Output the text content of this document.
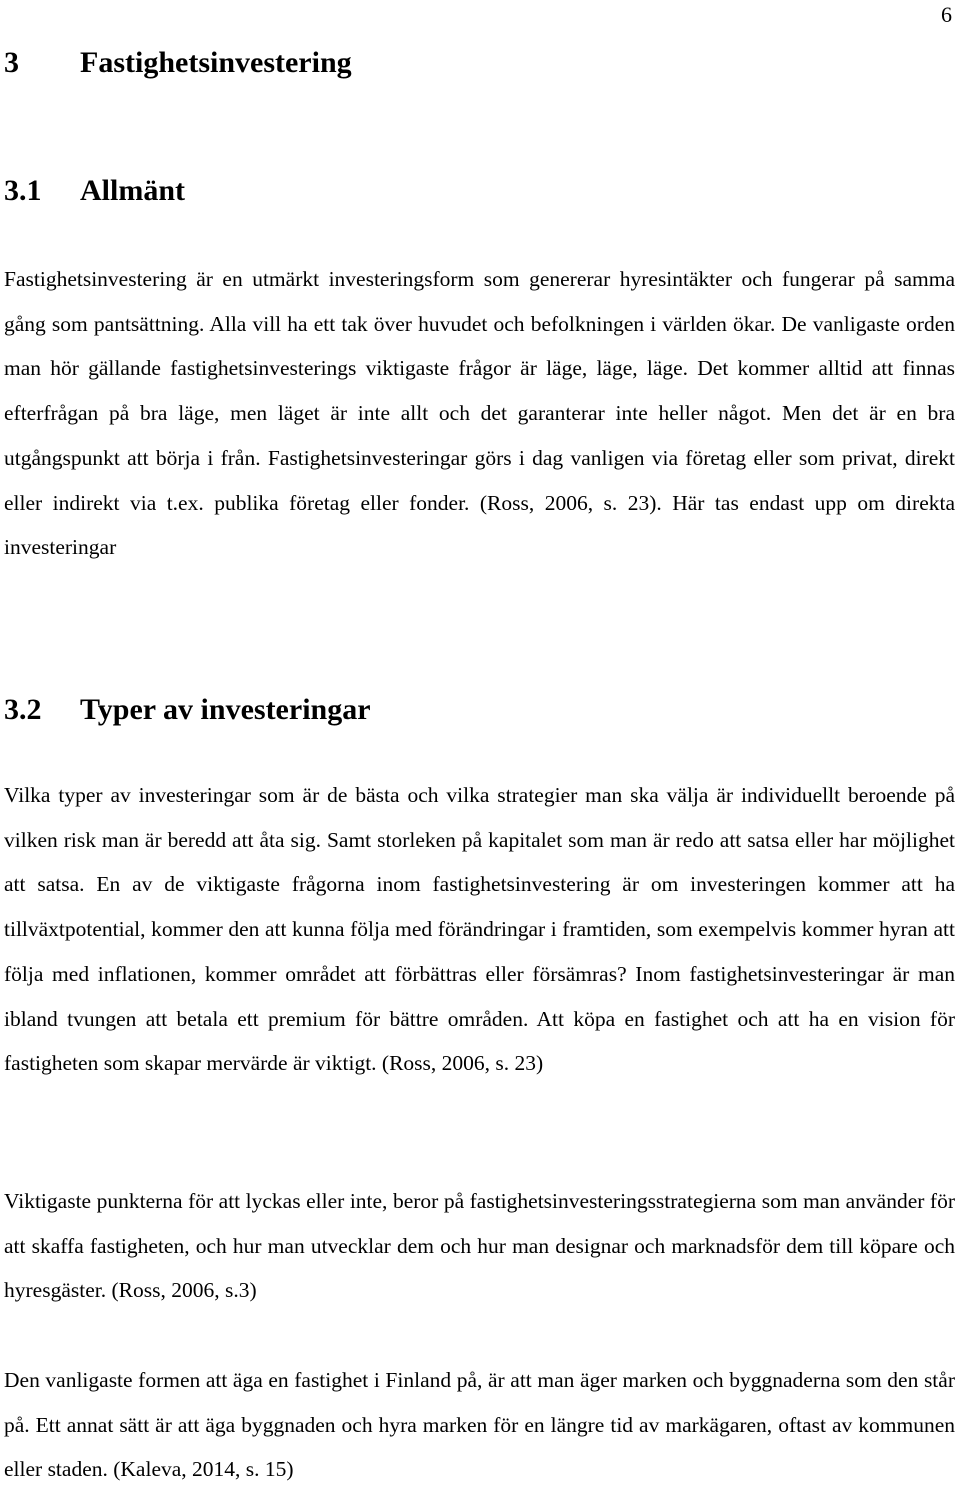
6
3	Fastighetsinvestering
3.1	Allmänt

Fastighetsinvestering är en utmärkt investeringsform som genererar hyresintäkter och fungerar på samma gång som pantsättning. Alla vill ha ett tak över huvudet och befolkningen i världen ökar. De vanligaste orden man hör gällande fastighetsinvesterings viktigaste frågor är läge, läge, läge. Det kommer alltid att finnas efterfrågan på bra läge, men läget är inte allt och det garanterar inte heller något. Men det är en bra utgångspunkt att börja i från. Fastighetsinvesteringar görs i dag vanligen via företag eller som privat, direkt eller indirekt via t.ex. publika företag eller fonder. (Ross, 2006, s. 23). Här tas endast upp om direkta investeringar

3.2	Typer av investeringar

Vilka typer av investeringar som är de bästa och vilka strategier man ska välja är individuellt beroende på vilken risk man är beredd att åta sig. Samt storleken på kapitalet som man är redo att satsa eller har möjlighet att satsa. En av de viktigaste frågorna inom fastighetsinvestering är om investeringen kommer att ha tillväxtpotential, kommer den att kunna följa med förändringar i framtiden, som exempelvis kommer hyran att följa med inflationen, kommer området att förbättras eller försämras? Inom fastighetsinvesteringar är man ibland tvungen att betala ett premium för bättre områden. Att köpa en fastighet och att ha en vision för fastigheten som skapar mervärde är viktigt. (Ross, 2006, s. 23)

Viktigaste punkterna för att lyckas eller inte, beror på fastighetsinvesteringsstrategierna som man använder för att skaffa fastigheten, och hur man utvecklar dem och hur man designar och marknadsför dem till köpare och hyresgäster. (Ross, 2006, s.3)

Den vanligaste formen att äga en fastighet i Finland på, är att man äger marken och byggnaderna som den står på. Ett annat sätt är att äga byggnaden och hyra marken för en längre tid av markägaren, oftast av kommunen eller staden. (Kaleva, 2014, s. 15)
